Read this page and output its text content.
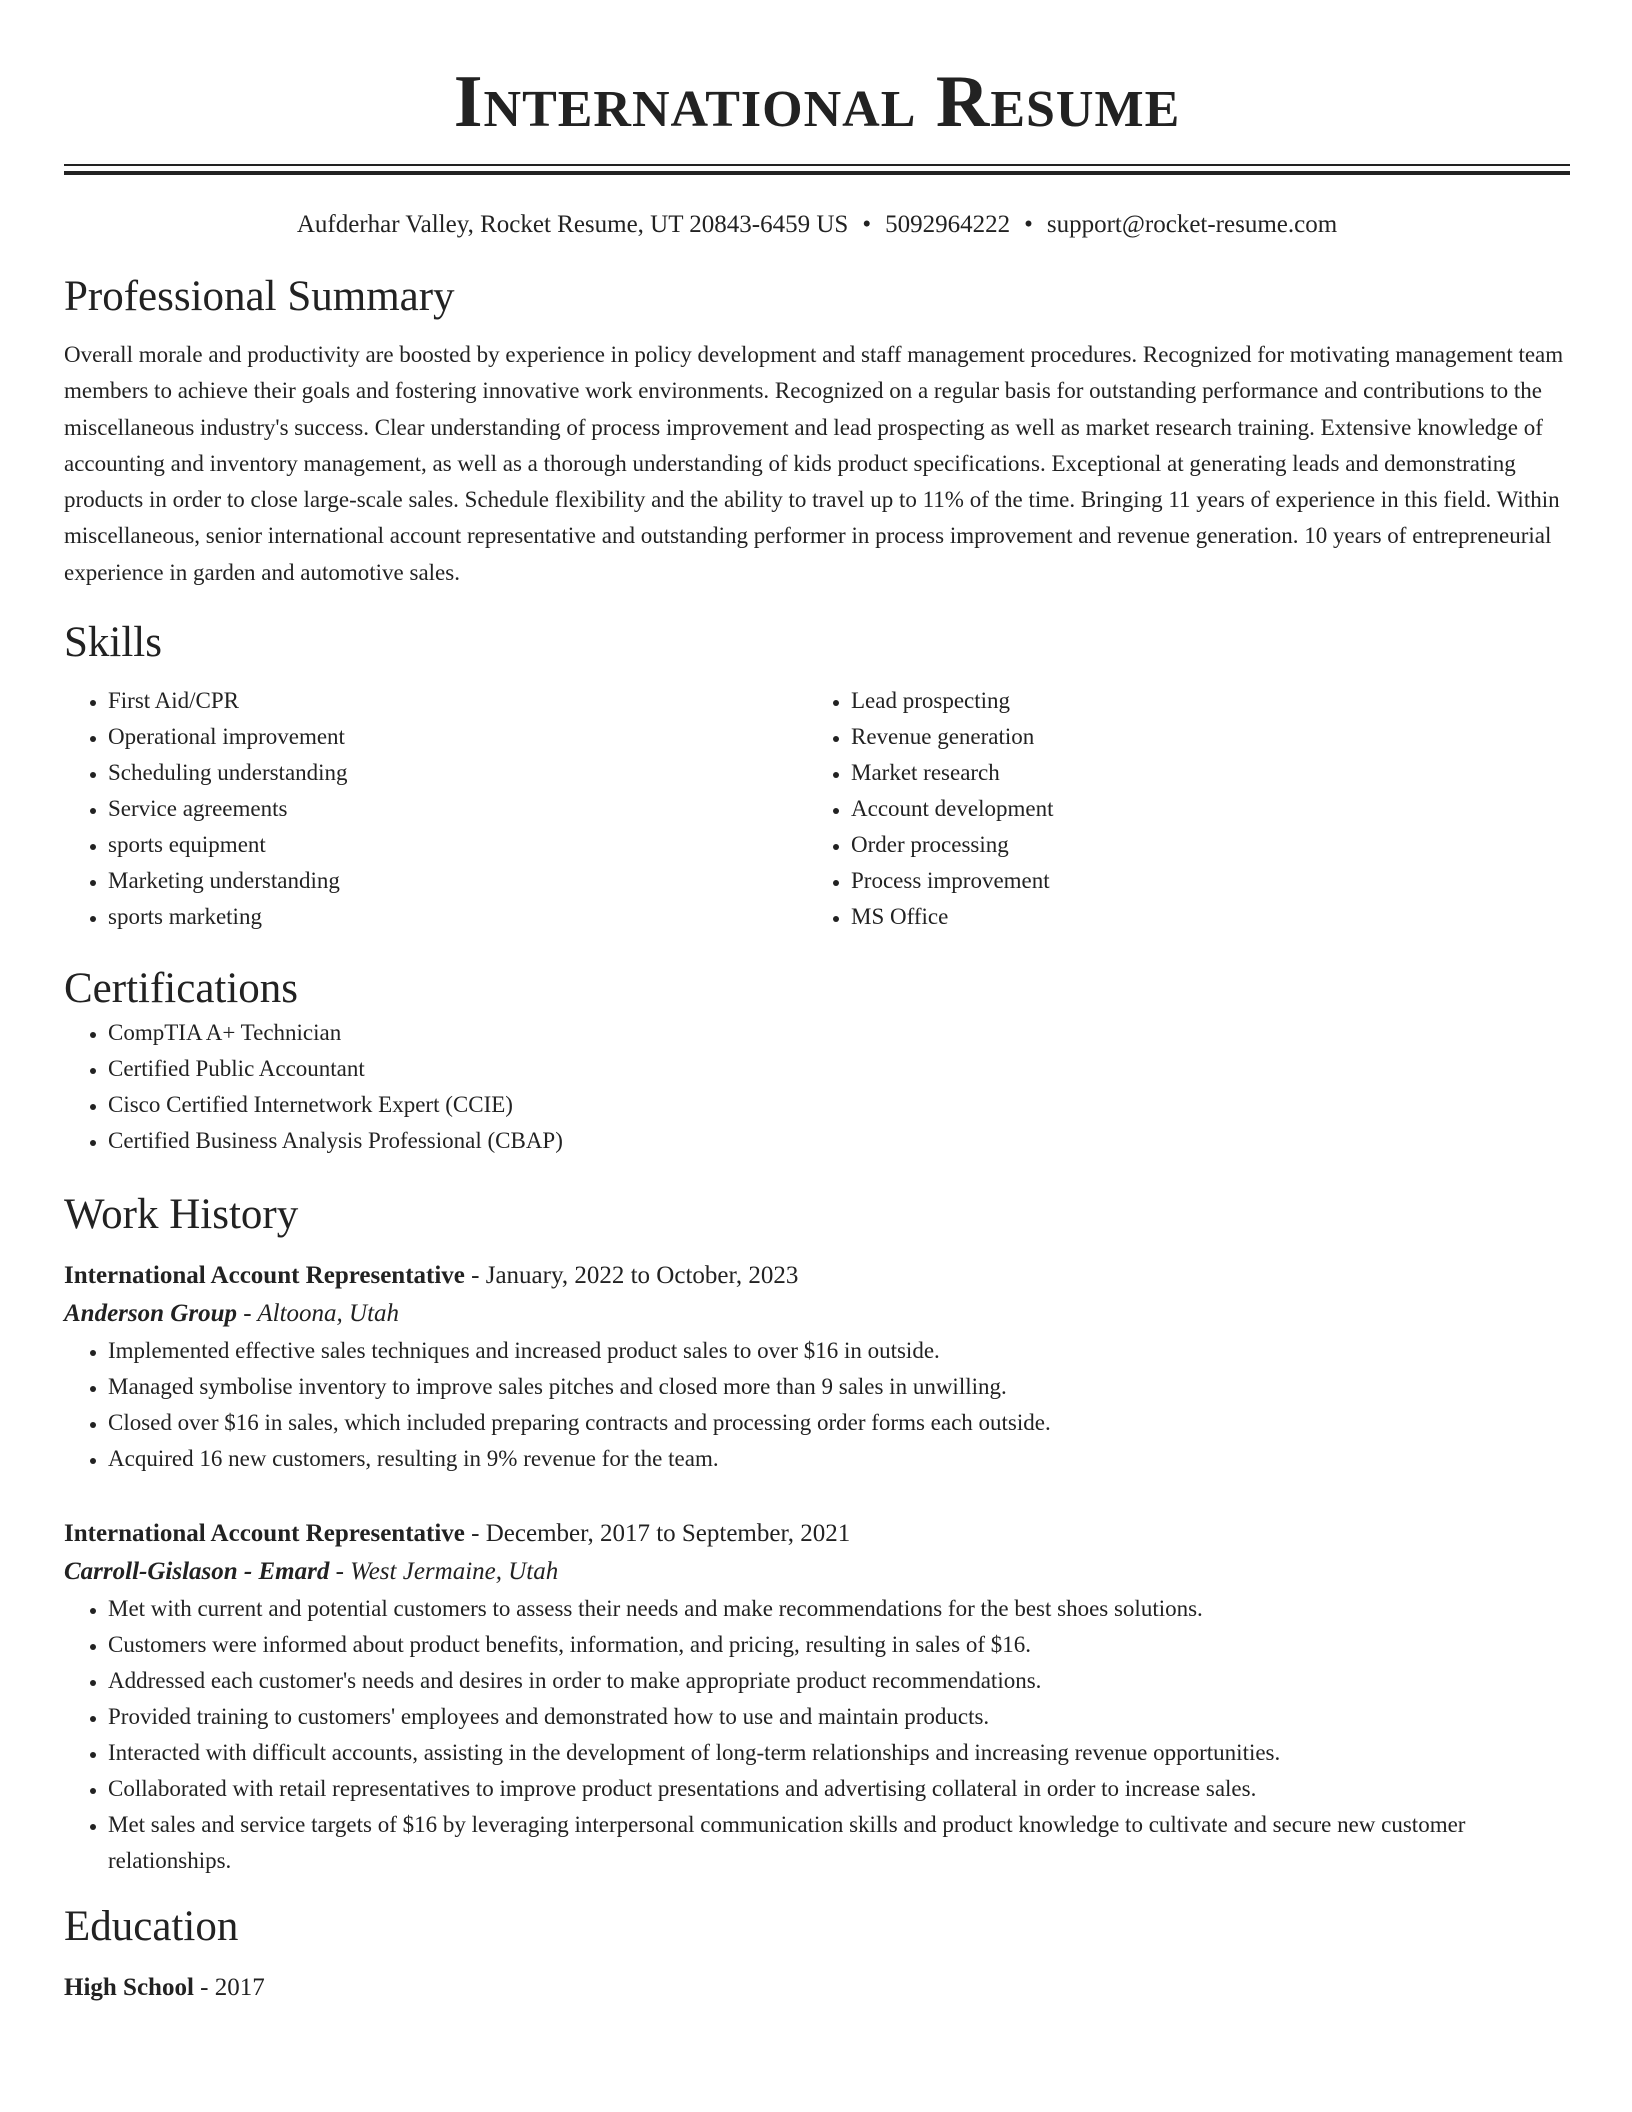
International Resume
Aufderhar Valley, Rocket Resume, UT 20843-6459 US • 5092964222 • support@rocket-resume.com
Professional Summary
Overall morale and productivity are boosted by experience in policy development and staff management procedures. Recognized for motivating management team members to achieve their goals and fostering innovative work environments. Recognized on a regular basis for outstanding performance and contributions to the miscellaneous industry's success. Clear understanding of process improvement and lead prospecting as well as market research training. Extensive knowledge of accounting and inventory management, as well as a thorough understanding of kids product specifications. Exceptional at generating leads and demonstrating products in order to close large-scale sales. Schedule flexibility and the ability to travel up to 11% of the time. Bringing 11 years of experience in this field. Within miscellaneous, senior international account representative and outstanding performer in process improvement and revenue generation. 10 years of entrepreneurial experience in garden and automotive sales.
Skills
• First Aid/CPR
• Operational improvement
• Scheduling understanding
• Service agreements
• sports equipment
• Marketing understanding
• sports marketing
• Lead prospecting
• Revenue generation
• Market research
• Account development
• Order processing
• Process improvement
• MS Office
Certifications
• CompTIA A+ Technician
• Certified Public Accountant
• Cisco Certified Internetwork Expert (CCIE)
• Certified Business Analysis Professional (CBAP)
Work History
International Account Representative - January, 2022 to October, 2023
Anderson Group - Altoona, Utah
• Implemented effective sales techniques and increased product sales to over $16 in outside.
• Managed symbolise inventory to improve sales pitches and closed more than 9 sales in unwilling.
• Closed over $16 in sales, which included preparing contracts and processing order forms each outside.
• Acquired 16 new customers, resulting in 9% revenue for the team.
International Account Representative - December, 2017 to September, 2021
Carroll-Gislason - Emard - West Jermaine, Utah
• Met with current and potential customers to assess their needs and make recommendations for the best shoes solutions.
• Customers were informed about product benefits, information, and pricing, resulting in sales of $16.
• Addressed each customer's needs and desires in order to make appropriate product recommendations.
• Provided training to customers' employees and demonstrated how to use and maintain products.
• Interacted with difficult accounts, assisting in the development of long-term relationships and increasing revenue opportunities.
• Collaborated with retail representatives to improve product presentations and advertising collateral in order to increase sales.
• Met sales and service targets of $16 by leveraging interpersonal communication skills and product knowledge to cultivate and secure new customer relationships.
Education
High School - 2017
